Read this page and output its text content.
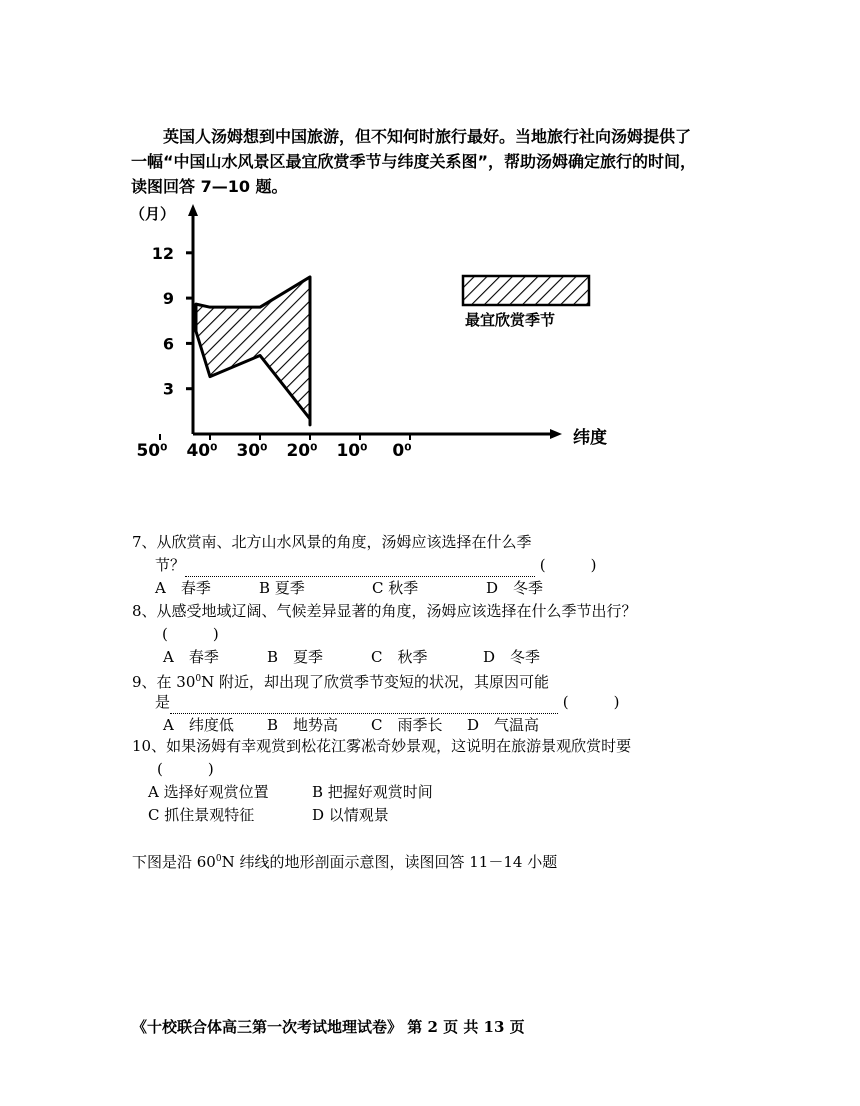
英国人汤姆想到中国旅游，但不知何时旅行最好。当地旅行社向汤姆提供了

一幅“中国山水风景区最宜欣赏季节与纬度关系图”，帮助汤姆确定旅行的时间，

读图回答 7—10 题。

（月）
纬度
3
6
9
12
50⁰ 40⁰ 30⁰ 20⁰ 10⁰ 0⁰
最宜欣赏季节
7、从欣赏南、北方山水风景的角度，汤姆应该选择在什么季
节？	(　　　)
A　春季	B 夏季	C 秋季	D　冬季
8、从感受地域辽阔、气候差异显著的角度，汤姆应该选择在什么季节出行？
(　　　)
A　春季	B　夏季	C　秋季	D　冬季
9、在 $30^0N$ 附近，却出现了欣赏季节变短的状况，其原因可能
是	(　　　)
A　纬度低 B　地势高 C　雨季长 D　气温高
10、如果汤姆有幸观赏到松花江雾凇奇妙景观，这说明在旅游景观欣赏时要
(　　　)
A 选择好观赏位置	B 把握好观赏时间
C 抓住景观特征	D 以情观景
下图是沿 $60^0N$ 纬线的地形剖面示意图，读图回答 11－14 小题
《十校联合体高三第一次考试地理试卷》 第 2 页 共 13 页
